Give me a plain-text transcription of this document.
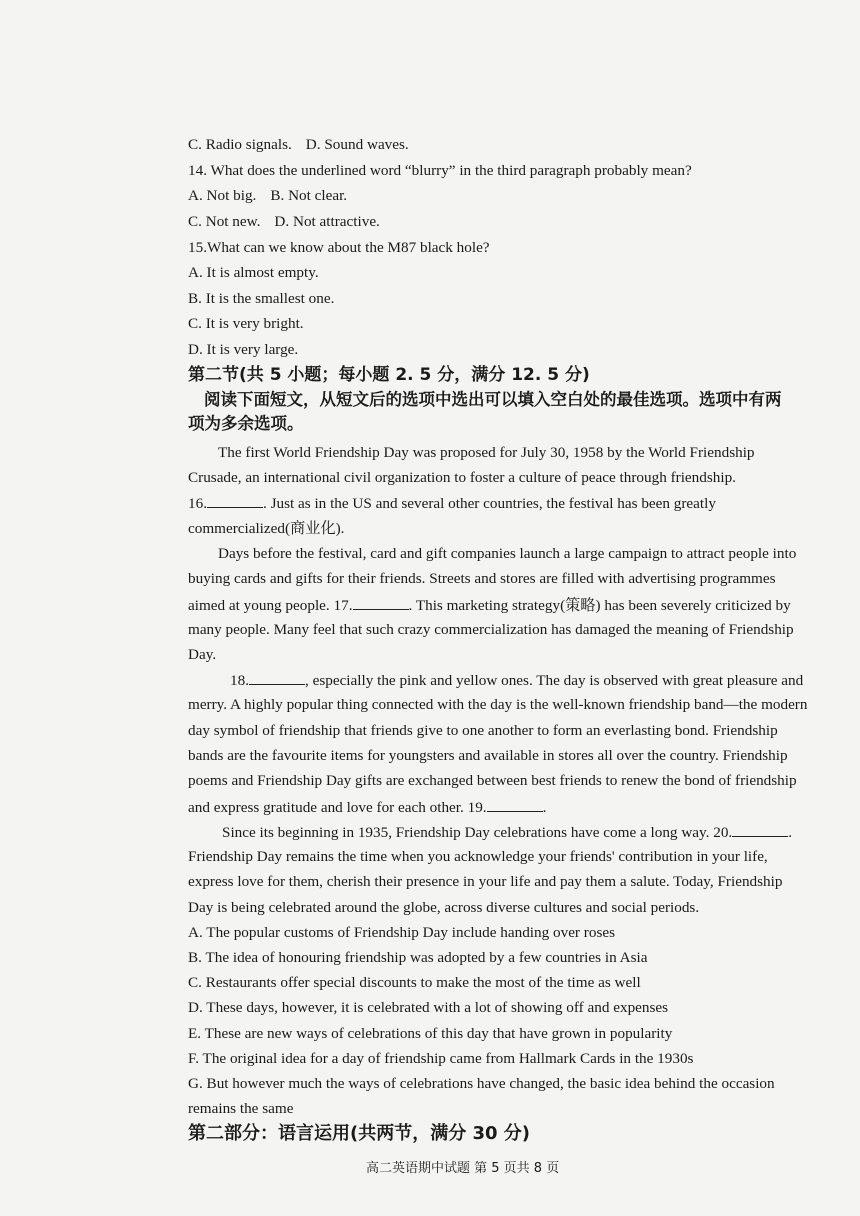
C. Radio signals. D. Sound waves.
14. What does the underlined word “blurry” in the third paragraph probably mean?
A. Not big. B. Not clear.
C. Not new. D. Not attractive.
15.What can we know about the M87 black hole?
A. It is almost empty.
B. It is the smallest one.
C. It is very bright.
D. It is very large.
第二节(共 5 小题；每小题 2. 5 分，满分 12. 5 分)
阅读下面短文，从短文后的选项中选出可以填入空白处的最佳选项。选项中有两
项为多余选项。
The first World Friendship Day was proposed for July 30, 1958 by the World Friendship
Crusade, an international civil organization to foster a culture of peace through friendship.
16.	. Just as in the US and several other countries, the festival has been greatly
commercialized(商业化).
Days before the festival, card and gift companies launch a large campaign to attract people into
buying cards and gifts for their friends. Streets and stores are filled with advertising programmes
aimed at young people. 17.	. This marketing strategy(策略) has been severely criticized by
many people. Many feel that such crazy commercialization has damaged the meaning of Friendship
Day.
18.	, especially the pink and yellow ones. The day is observed with great pleasure and
merry. A highly popular thing connected with the day is the well-known friendship band—the modern
day symbol of friendship that friends give to one another to form an everlasting bond. Friendship
bands are the favourite items for youngsters and available in stores all over the country. Friendship
poems and Friendship Day gifts are exchanged between best friends to renew the bond of friendship
and express gratitude and love for each other. 19.	.
Since its beginning in 1935, Friendship Day celebrations have come a long way. 20.	.
Friendship Day remains the time when you acknowledge your friends' contribution in your life,
express love for them, cherish their presence in your life and pay them a salute. Today, Friendship
Day is being celebrated around the globe, across diverse cultures and social periods.
A. The popular customs of Friendship Day include handing over roses
B. The idea of honouring friendship was adopted by a few countries in Asia
C. Restaurants offer special discounts to make the most of the time as well
D. These days, however, it is celebrated with a lot of showing off and expenses
E. These are new ways of celebrations of this day that have grown in popularity
F. The original idea for a day of friendship came from Hallmark Cards in the 1930s
G. But however much the ways of celebrations have changed, the basic idea behind the occasion
remains the same
第二部分：语言运用(共两节，满分 30 分)
高二英语期中试题 第 5 页共 8 页
